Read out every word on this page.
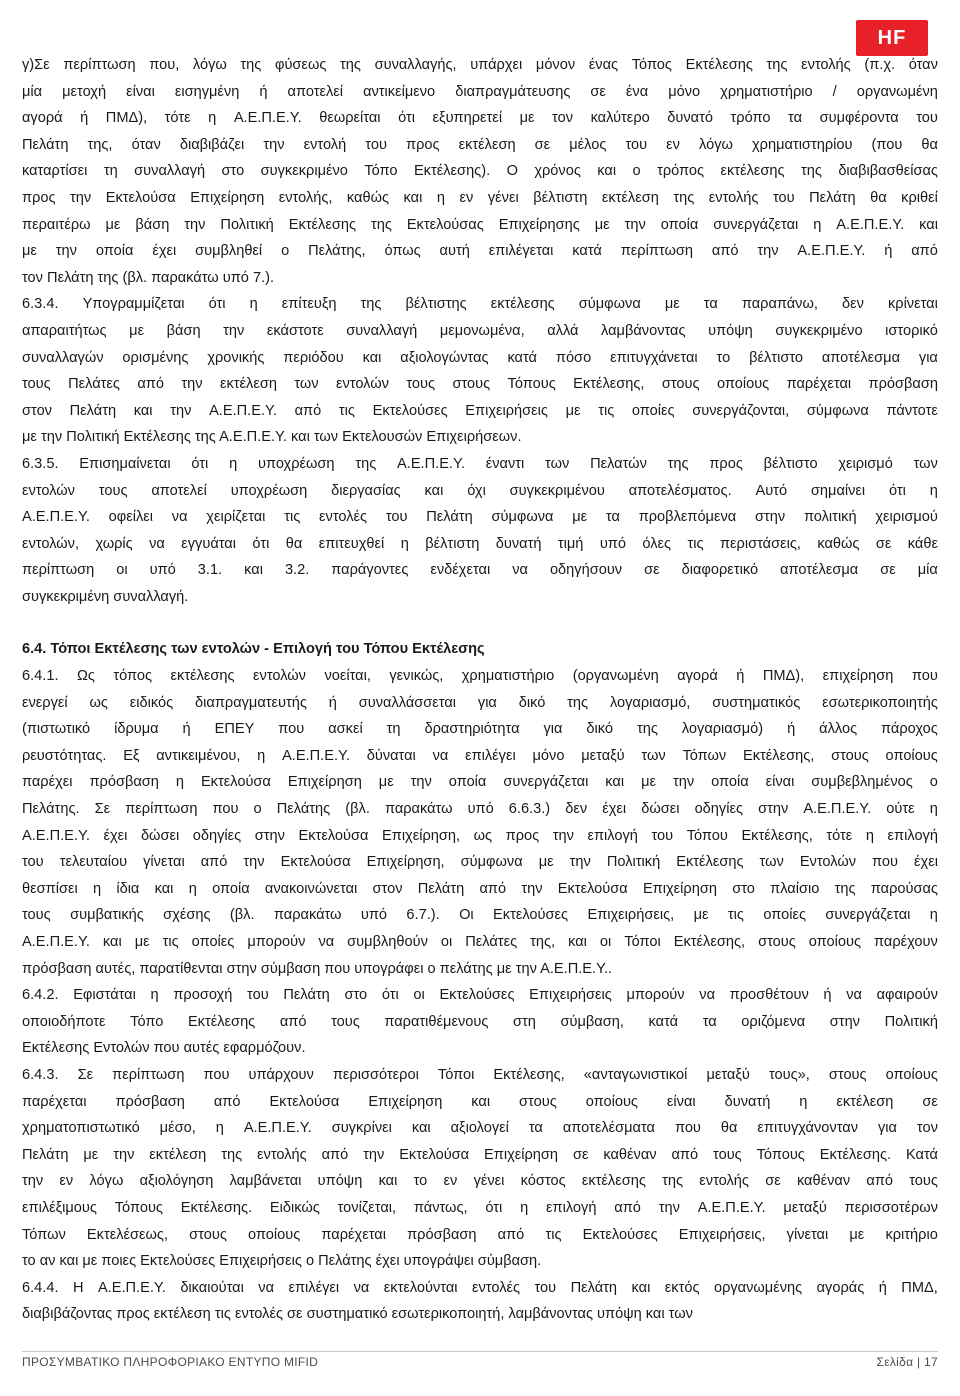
HF
γ)Σε περίπτωση που, λόγω της φύσεως της συναλλαγής, υπάρχει μόνον ένας Τόπος Εκτέλεσης της εντολής (π.χ. όταν
μία μετοχή είναι εισηγμένη ή αποτελεί αντικείμενο διαπραγμάτευσης σε ένα μόνο χρηματιστήριο / οργανωμένη
αγορά ή ΠΜΔ), τότε η Α.Ε.Π.Ε.Υ. θεωρείται ότι εξυπηρετεί με τον καλύτερο δυνατό τρόπο τα συμφέροντα του
Πελάτη της, όταν διαβιβάζει την εντολή του προς εκτέλεση σε μέλος του εν λόγω χρηματιστηρίου (που θα
καταρτίσει τη συναλλαγή στο συγκεκριμένο Τόπο Εκτέλεσης). Ο χρόνος και ο τρόπος εκτέλεσης της διαβιβασθείσας
προς την Εκτελούσα Επιχείρηση εντολής, καθώς και η εν γένει βέλτιστη εκτέλεση της εντολής του Πελάτη θα κριθεί
περαιτέρω με βάση την Πολιτική Εκτέλεσης της Εκτελούσας Επιχείρησης με την οποία συνεργάζεται η Α.Ε.Π.Ε.Υ. και
με την οποία έχει συμβληθεί ο Πελάτης, όπως αυτή επιλέγεται κατά περίπτωση από την Α.Ε.Π.Ε.Υ. ή από
τον Πελάτη της (βλ. παρακάτω υπό 7.).
6.3.4. Υπογραμμίζεται ότι η επίτευξη της βέλτιστης εκτέλεσης σύμφωνα με τα παραπάνω, δεν κρίνεται
απαραιτήτως με βάση την εκάστοτε συναλλαγή μεμονωμένα, αλλά λαμβάνοντας υπόψη συγκεκριμένο ιστορικό
συναλλαγών ορισμένης χρονικής περιόδου και αξιολογώντας κατά πόσο επιτυγχάνεται το βέλτιστο αποτέλεσμα για
τους Πελάτες από την εκτέλεση των εντολών τους στους Τόπους Εκτέλεσης, στους οποίους παρέχεται πρόσβαση
στον Πελάτη και την Α.Ε.Π.Ε.Υ. από τις Εκτελούσες Επιχειρήσεις με τις οποίες συνεργάζονται, σύμφωνα πάντοτε
με την Πολιτική Εκτέλεσης της Α.Ε.Π.Ε.Υ. και των Εκτελουσών Επιχειρήσεων.
6.3.5. Επισημαίνεται ότι η υποχρέωση της Α.Ε.Π.Ε.Υ. έναντι των Πελατών της προς βέλτιστο χειρισμό των
εντολών τους αποτελεί υποχρέωση διεργασίας και όχι συγκεκριμένου αποτελέσματος. Αυτό σημαίνει ότι η
Α.Ε.Π.Ε.Υ. οφείλει να χειρίζεται τις εντολές του Πελάτη σύμφωνα με τα προβλεπόμενα στην πολιτική χειρισμού
εντολών, χωρίς να εγγυάται ότι θα επιτευχθεί η βέλτιστη δυνατή τιμή υπό όλες τις περιστάσεις, καθώς σε κάθε
περίπτωση οι υπό 3.1. και 3.2. παράγοντες ενδέχεται να οδηγήσουν σε διαφορετικό αποτέλεσμα σε μία
συγκεκριμένη συναλλαγή.
6.4. Τόποι Εκτέλεσης των εντολών - Επιλογή του Τόπου Εκτέλεσης
6.4.1. Ως τόπος εκτέλεσης εντολών νοείται, γενικώς, χρηματιστήριο (οργανωμένη αγορά ή ΠΜΔ), επιχείρηση που
ενεργεί ως ειδικός διαπραγματευτής ή συναλλάσσεται για δικό της λογαριασμό, συστηματικός εσωτερικοποιητής
(πιστωτικό ίδρυμα ή ΕΠΕΥ που ασκεί τη δραστηριότητα για δικό της λογαριασμό) ή άλλος πάροχος
ρευστότητας. Εξ αντικειμένου, η Α.Ε.Π.Ε.Υ. δύναται να επιλέγει μόνο μεταξύ των Τόπων Εκτέλεσης, στους οποίους
παρέχει πρόσβαση η Εκτελούσα Επιχείρηση με την οποία συνεργάζεται και με την οποία είναι συμβεβλημένος ο
Πελάτης. Σε περίπτωση που ο Πελάτης (βλ. παρακάτω υπό 6.6.3.) δεν έχει δώσει οδηγίες στην Α.Ε.Π.Ε.Υ. ούτε η
Α.Ε.Π.Ε.Υ. έχει δώσει οδηγίες στην Εκτελούσα Επιχείρηση, ως προς την επιλογή του Τόπου Εκτέλεσης, τότε η επιλογή
του τελευταίου γίνεται από την Εκτελούσα Επιχείρηση, σύμφωνα με την Πολιτική Εκτέλεσης των Εντολών που έχει
θεσπίσει η ίδια και η οποία ανακοινώνεται στον Πελάτη από την Εκτελούσα Επιχείρηση στο πλαίσιο της παρούσας
τους συμβατικής σχέσης (βλ. παρακάτω υπό 6.7.). Οι Εκτελούσες Επιχειρήσεις, με τις οποίες συνεργάζεται η
Α.Ε.Π.Ε.Υ. και με τις οποίες μπορούν να συμβληθούν οι Πελάτες της, και οι Τόποι Εκτέλεσης, στους οποίους παρέχουν
πρόσβαση αυτές, παρατίθενται στην σύμβαση που υπογράφει ο πελάτης με την Α.Ε.Π.Ε.Υ..
6.4.2. Εφιστάται η προσοχή του Πελάτη στο ότι οι Εκτελούσες Επιχειρήσεις μπορούν να προσθέτουν ή να αφαιρούν
οποιοδήποτε Τόπο Εκτέλεσης από τους παρατιθέμενους στη σύμβαση, κατά τα οριζόμενα στην Πολιτική
Εκτέλεσης Εντολών που αυτές εφαρμόζουν.
6.4.3. Σε περίπτωση που υπάρχουν περισσότεροι Τόποι Εκτέλεσης, «ανταγωνιστικοί μεταξύ τους», στους οποίους
παρέχεται πρόσβαση από Εκτελούσα Επιχείρηση και στους οποίους είναι δυνατή η εκτέλεση σε
χρηματοπιστωτικό μέσο, η Α.Ε.Π.Ε.Υ. συγκρίνει και αξιολογεί τα αποτελέσματα που θα επιτυγχάνονταν για τον
Πελάτη με την εκτέλεση της εντολής από την Εκτελούσα Επιχείρηση σε καθέναν από τους Τόπους Εκτέλεσης. Κατά
την εν λόγω αξιολόγηση λαμβάνεται υπόψη και το εν γένει κόστος εκτέλεσης της εντολής σε καθέναν από τους
επιλέξιμους Τόπους Εκτέλεσης. Ειδικώς τονίζεται, πάντως, ότι η επιλογή από την Α.Ε.Π.Ε.Υ. μεταξύ περισσοτέρων
Τόπων Εκτελέσεως, στους οποίους παρέχεται πρόσβαση από τις Εκτελούσες Επιχειρήσεις, γίνεται με κριτήριο
το αν και με ποιες Εκτελούσες Επιχειρήσεις ο Πελάτης έχει υπογράψει σύμβαση.
6.4.4. Η Α.Ε.Π.Ε.Υ. δικαιούται να επιλέγει να εκτελούνται εντολές του Πελάτη και εκτός οργανωμένης αγοράς ή ΠΜΔ,
διαβιβάζοντας προς εκτέλεση τις εντολές σε συστηματικό εσωτερικοποιητή, λαμβάνοντας υπόψη και των
ΠΡΟΣΥΜΒΑΤΙΚΟ ΠΛΗΡΟΦΟΡΙΑΚΟ ΕΝΤΥΠΟ MIFID	Σελίδα | 17
